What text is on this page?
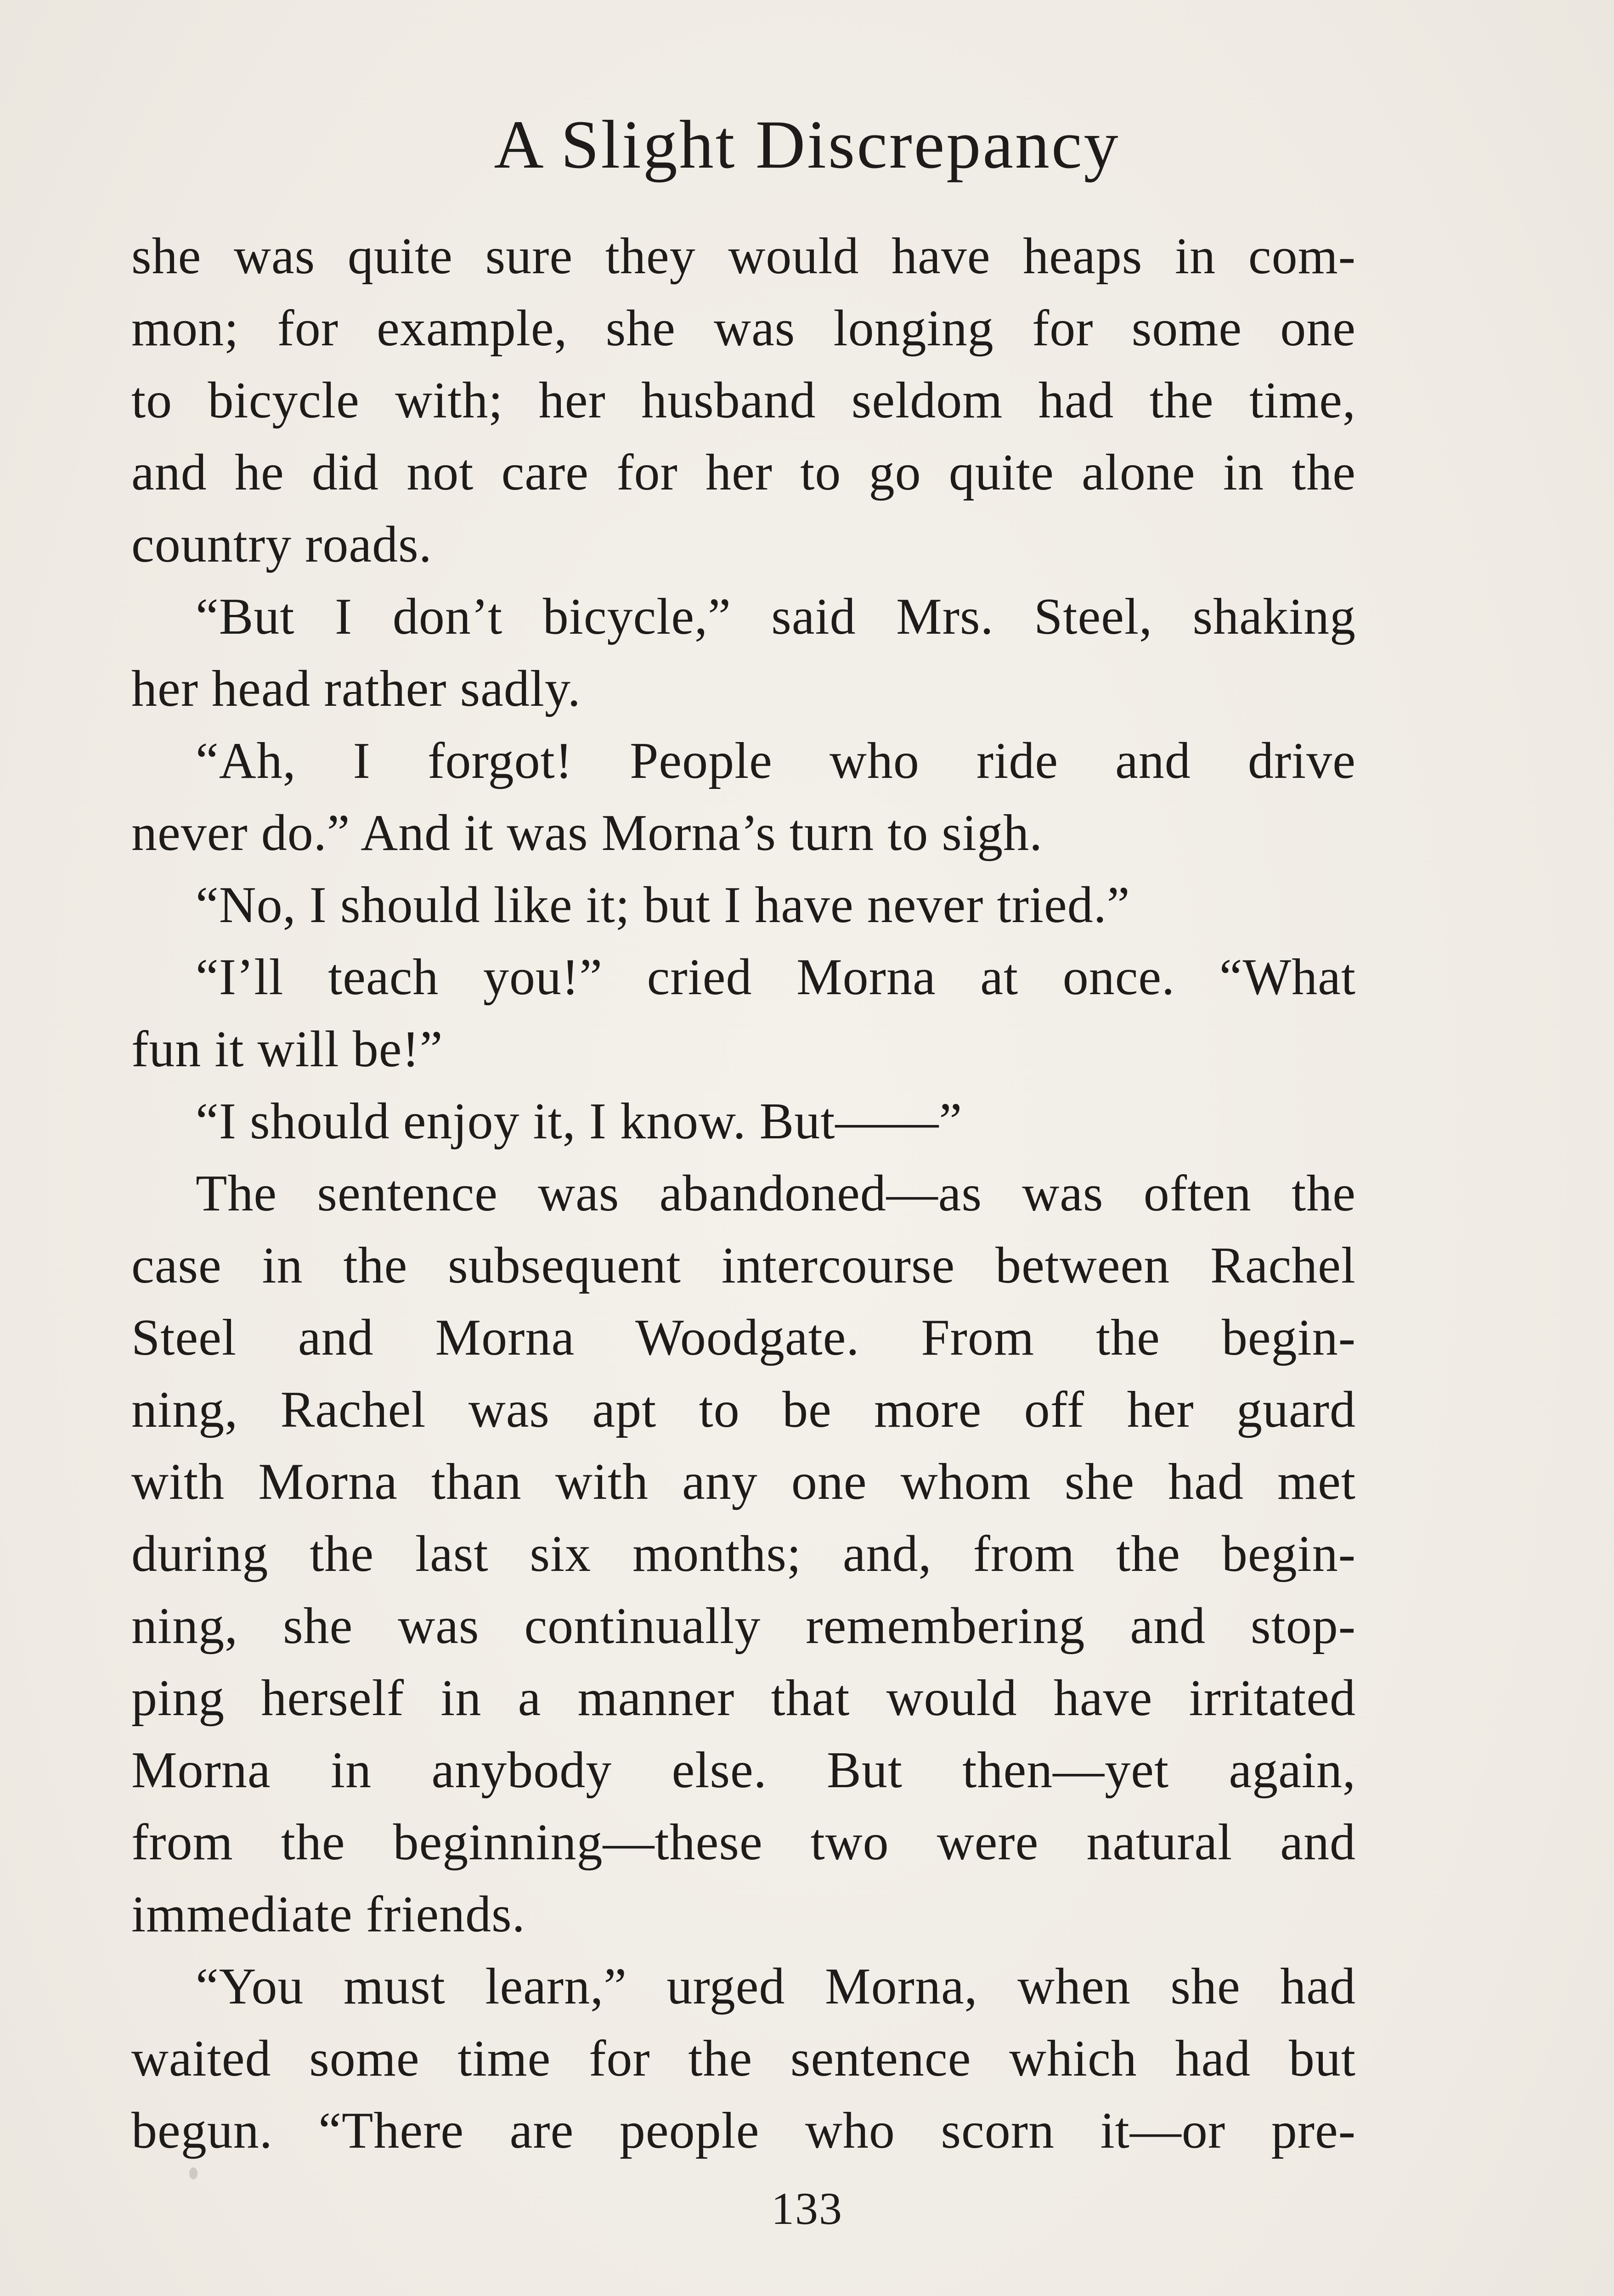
A Slight Discrepancy
she was quite sure they would have heaps in com-
mon; for example, she was longing for some one
to bicycle with; her husband seldom had the time,
and he did not care for her to go quite alone in the
country roads.
“But I don’t bicycle,” said Mrs. Steel, shaking
her head rather sadly.
“Ah, I forgot! People who ride and drive
never do.” And it was Morna’s turn to sigh.
“No, I should like it; but I have never tried.”
“I’ll teach you!” cried Morna at once. “What
fun it will be!”
“I should enjoy it, I know. But——”
The sentence was abandoned—as was often the
case in the subsequent intercourse between Rachel
Steel and Morna Woodgate. From the begin-
ning, Rachel was apt to be more off her guard
with Morna than with any one whom she had met
during the last six months; and, from the begin-
ning, she was continually remembering and stop-
ping herself in a manner that would have irritated
Morna in anybody else. But then—yet again,
from the beginning—these two were natural and
immediate friends.
“You must learn,” urged Morna, when she had
waited some time for the sentence which had but
begun. “There are people who scorn it—or pre-
133
